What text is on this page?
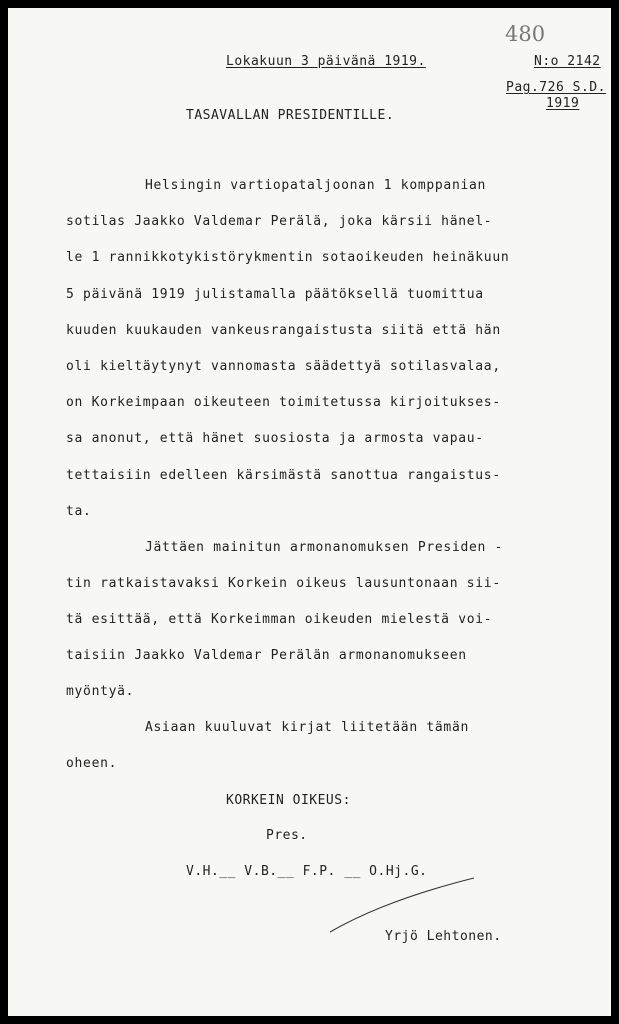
480
Lokakuun 3 päivänä 1919.	N:o 2142
Pag.726 S.D.
1919
TASAVALLAN PRESIDENTILLE.
Helsingin vartiopataljoonan 1 komppanian
sotilas Jaakko Valdemar Perälä, joka kärsii hänel-
le 1 rannikkotykistörykmentin sotaoikeuden heinäkuun
5 päivänä 1919 julistamalla päätöksellä tuomittua
kuuden kuukauden vankeusrangaistusta siitä että hän
oli kieltäytynyt vannomasta säädettyä sotilasvalaa,
on Korkeimpaan oikeuteen toimitetussa kirjoitukses-
sa anonut, että hänet suosiosta ja armosta vapau-
tettaisiin edelleen kärsimästä sanottua rangaistus-
ta.
Jättäen mainitun armonanomuksen Presiden -
tin ratkaistavaksi Korkein oikeus lausuntonaan sii-
tä esittää, että Korkeimman oikeuden mielestä voi-
taisiin Jaakko Valdemar Perälän armonanomukseen
myöntyä.
Asiaan kuuluvat kirjat liitetään tämän
oheen.
KORKEIN OIKEUS:
Pres.
V.H.__ V.B.__ F.P. __ O.Hj.G.
Yrjö Lehtonen.
